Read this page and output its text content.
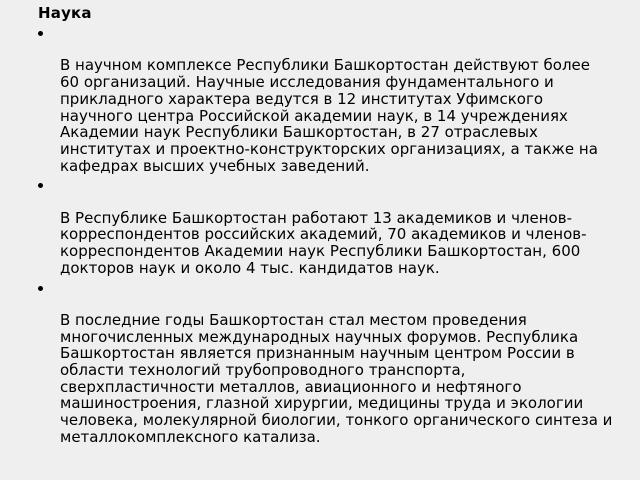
Наука

В научном комплексе Республики Башкортостан действуют более
60 организаций. Научные исследования фундаментального и прикладного характера ведутся в 12 институтах Уфимского научного центра Российской академии наук, в 14 учреждениях Академии наук Республики Башкортостан, в 27 отраслевых институтах и проектно-конструкторских организациях, а также на кафедрах высших учебных заведений.

В Республике Башкортостан работают 13 академиков и членов-корреспондентов российских академий, 70 академиков и членов-корреспондентов Академии наук Республики Башкортостан, 600 докторов наук и около 4 тыс. кандидатов наук.

В последние годы Башкортостан стал местом проведения многочисленных международных научных форумов. Республика Башкортостан является признанным научным центром России в области технологий трубопроводного транспорта, сверхпластичности металлов, авиационного и нефтяного машиностроения, глазной хирургии, медицины труда и экологии человека, молекулярной биологии, тонкого органического синтеза и металлокомплексного катализа.
